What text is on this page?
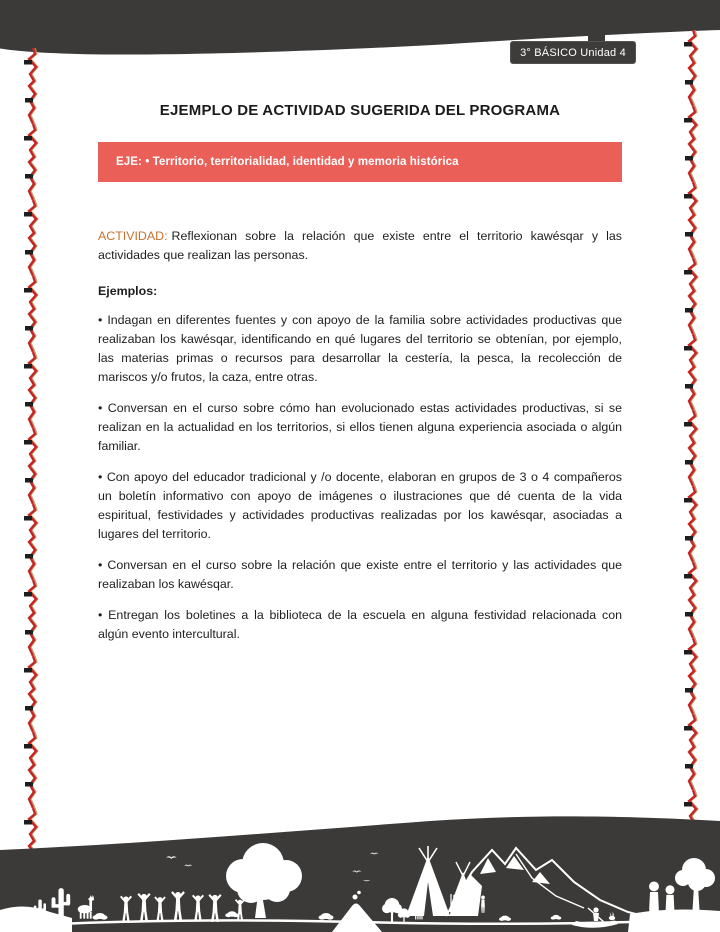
3° BÁSICO Unidad 4
EJEMPLO DE ACTIVIDAD SUGERIDA DEL PROGRAMA
EJE: • Territorio, territorialidad, identidad y memoria histórica

ACTIVIDAD: Reflexionan sobre la relación que existe entre el territorio kawésqar y las actividades que realizan las personas.

Ejemplos:

• Indagan en diferentes fuentes y con apoyo de la familia sobre actividades productivas que realizaban los kawésqar, identificando en qué lugares del territorio se obtenían, por ejemplo, las materias primas o recursos para desarrollar la cestería, la pesca, la recolección de mariscos y/o frutos, la caza, entre otras.

• Conversan en el curso sobre cómo han evolucionado estas actividades productivas, si se realizan en la actualidad en los territorios, si ellos tienen alguna experiencia asociada o algún familiar.

• Con apoyo del educador tradicional y /o docente, elaboran en grupos de 3 o 4 compañeros un boletín informativo con apoyo de imágenes o ilustraciones que dé cuenta de la vida espiritual, festividades y actividades productivas realizadas por los kawésqar, asociadas a lugares del territorio.

• Conversan en el curso sobre la relación que existe entre el territorio y las actividades que realizaban los kawésqar.

• Entregan los boletines a la biblioteca de la escuela en alguna festividad relacionada con algún evento intercultural.
